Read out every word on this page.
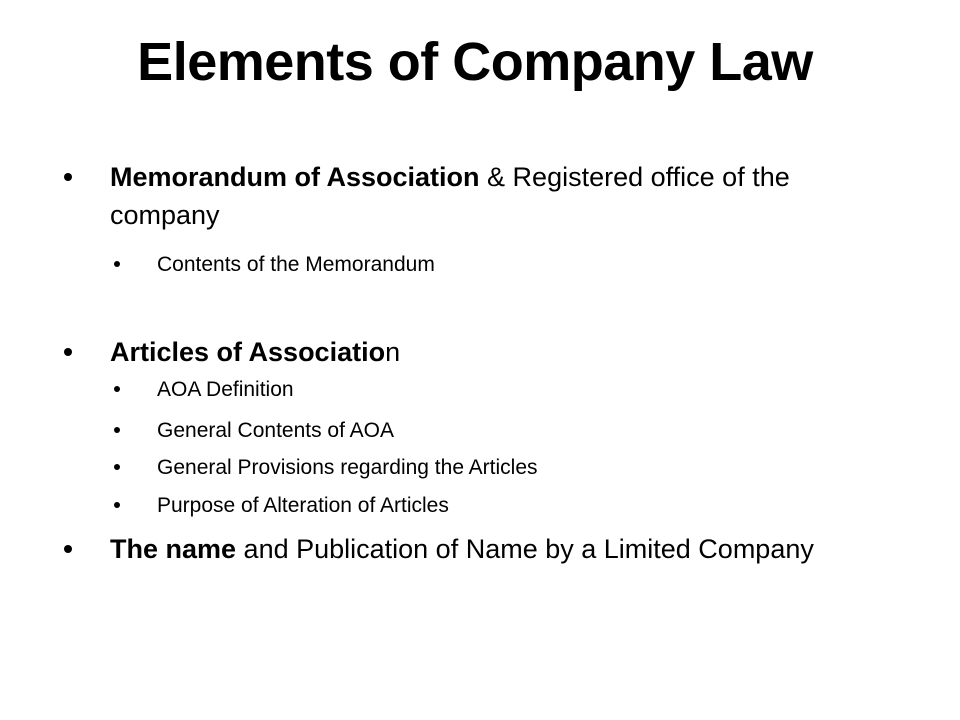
Elements of Company Law
Memorandum of Association & Registered office of the company
Contents of the Memorandum
Articles of Association
AOA Definition
General Contents of AOA
General Provisions regarding the Articles
Purpose of Alteration of Articles
The name and Publication of Name by a Limited Company
